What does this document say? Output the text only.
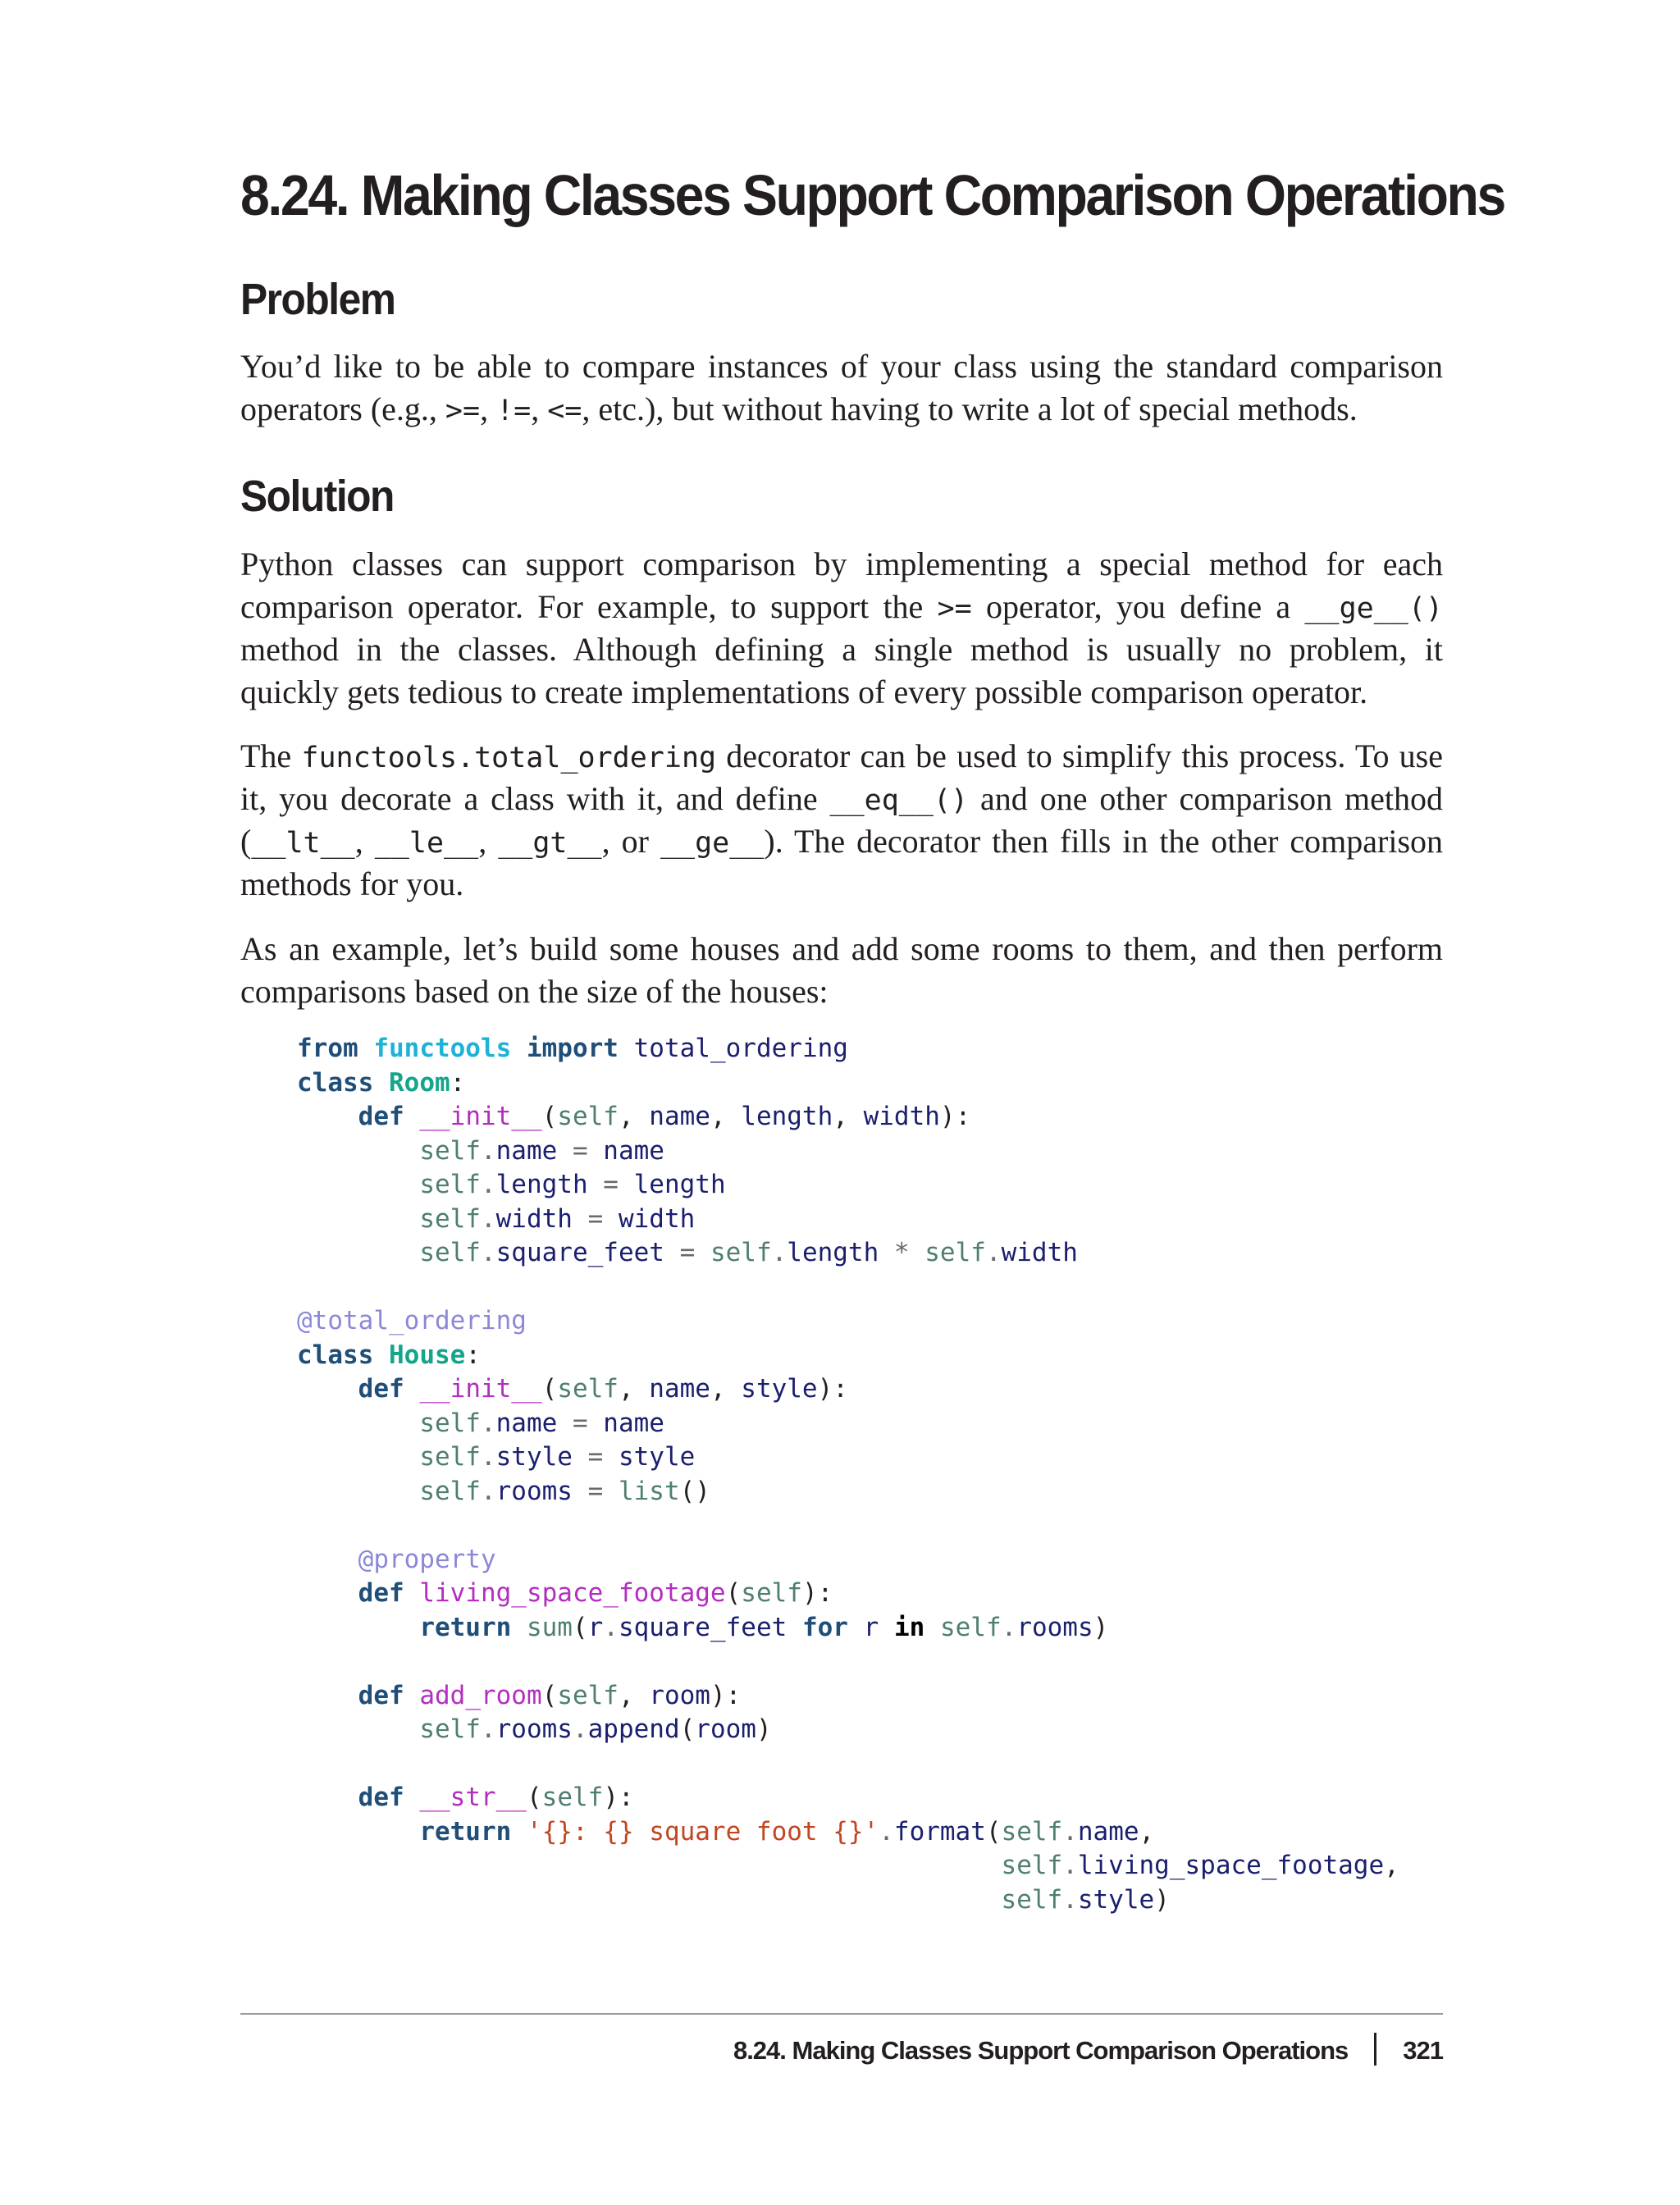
8.24. Making Classes Support Comparison Operations
Problem
You’d like to be able to compare instances of your class using the standard comparison
operators (e.g., >=, !=, <=, etc.), but without having to write a lot of special methods.
Solution
Python classes can support comparison by implementing a special method for each
comparison operator. For example, to support the >= operator, you define a __ge__()
method in the classes. Although defining a single method is usually no problem, it
quickly gets tedious to create implementations of every possible comparison operator.
The functools.total_ordering decorator can be used to simplify this process. To use
it, you decorate a class with it, and define __eq__() and one other comparison method
(__lt__, __le__, __gt__, or __ge__). The decorator then fills in the other comparison
methods for you.
As an example, let’s build some houses and add some rooms to them, and then perform
comparisons based on the size of the houses:
from functools import total_ordering
class Room:
def __init__(self, name, length, width):
self.name = name
self.length = length
self.width = width
self.square_feet = self.length * self.width

@total_ordering
class House:
def __init__(self, name, style):
self.name = name
self.style = style
self.rooms = list()

@property
def living_space_footage(self):
return sum(r.square_feet for r in self.rooms)

def add_room(self, room):
self.rooms.append(room)

def __str__(self):
return '{}: {} square foot {}'.format(self.name,
self.living_space_footage,
self.style)
8.24. Making Classes Support Comparison Operations 321
